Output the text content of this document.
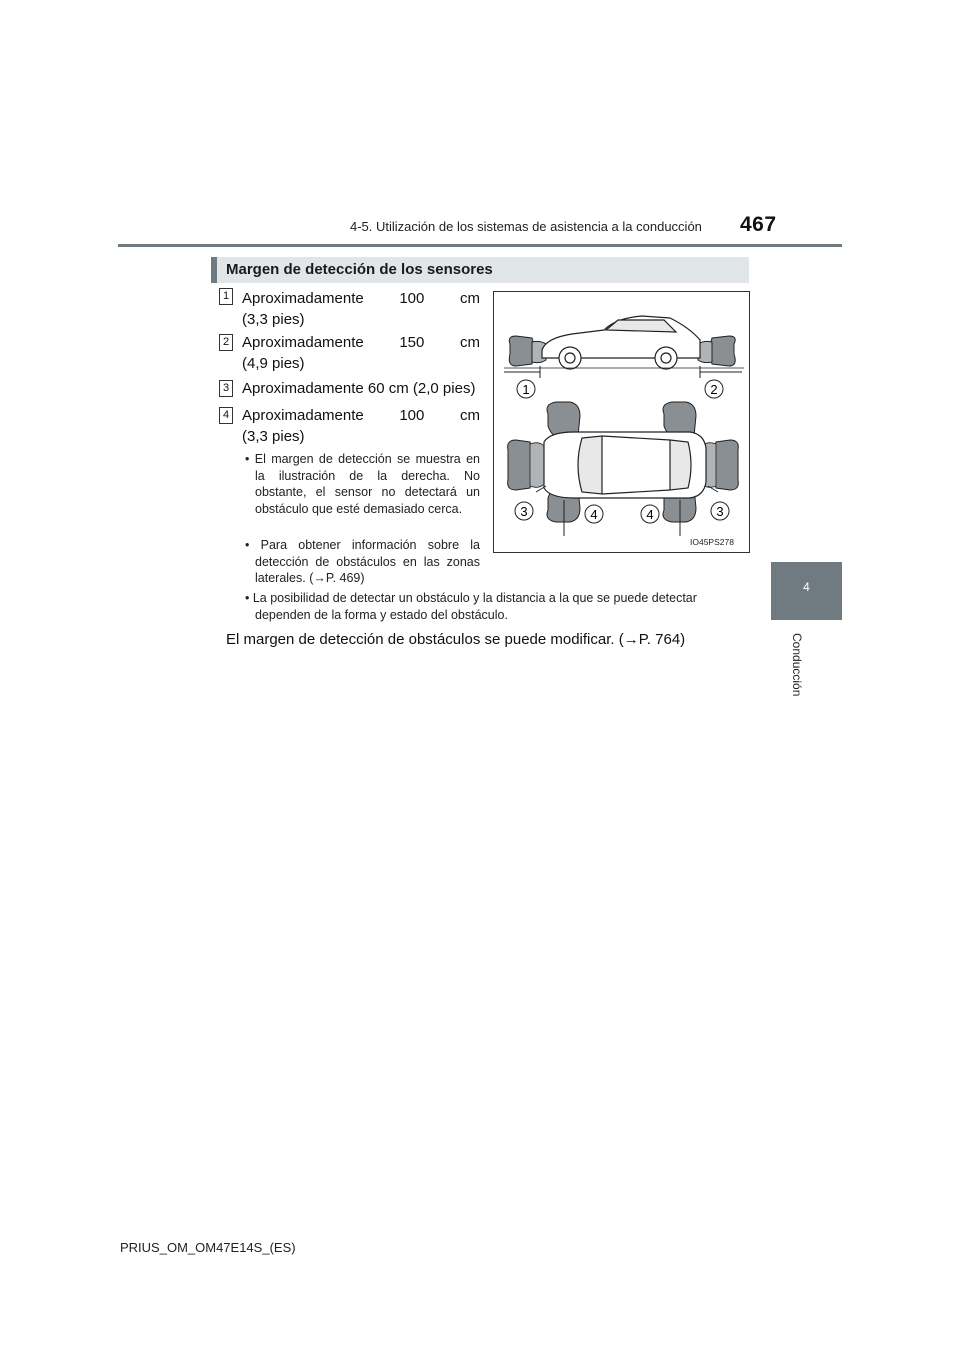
4-5. Utilización de los sistemas de asistencia a la conducción 467
4
Conducción
Margen de detección de los sensores
1 Aproximadamente 100 cm
(3,3 pies)
2 Aproximadamente 150 cm
(4,9 pies)
3 Aproximadamente 60 cm (2,0 pies)
4 Aproximadamente 100 cm
(3,3 pies)
• El margen de detección se muestra en la ilustración de la derecha. No obstante, el sensor no detectará un obstáculo que esté demasiado cerca.
• Para obtener información sobre la detección de obstáculos en las zonas laterales. (→P. 469)
• La posibilidad de detectar un obstáculo y la distancia a la que se puede detectar dependen de la forma y estado del obstáculo.
El margen de detección de obstáculos se puede modificar. (→P. 764)
1	2
3	4	4	3
IO45PS278
PRIUS_OM_OM47E14S_(ES)
